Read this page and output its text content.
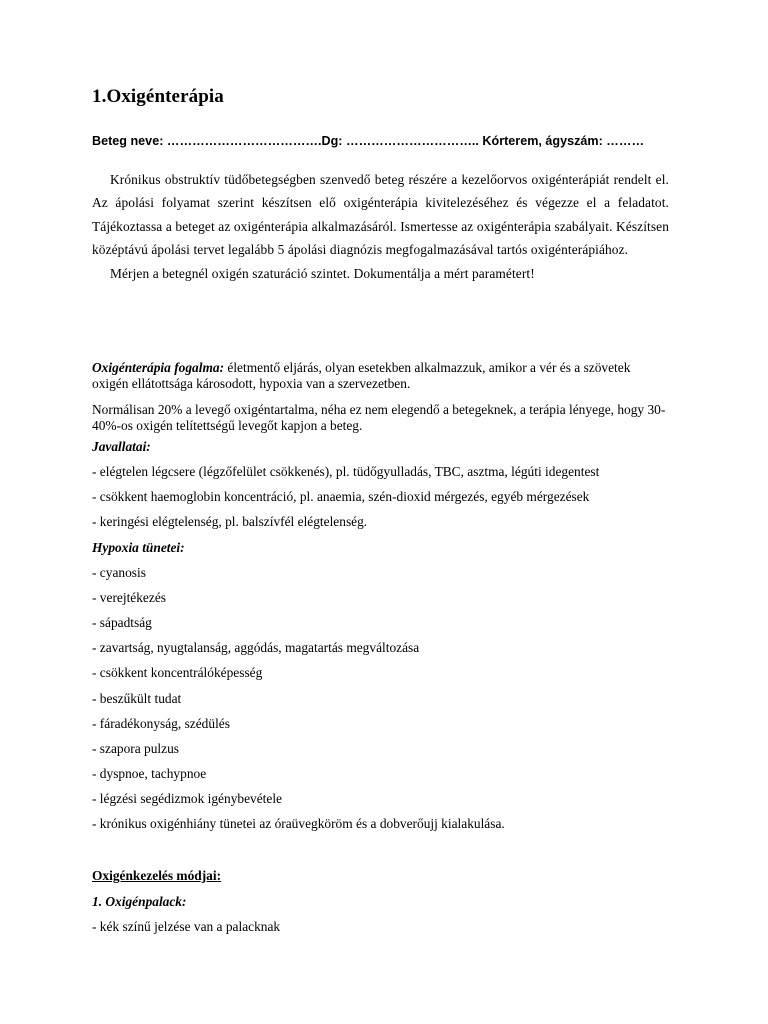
1.Oxigénterápia
Beteg neve: ……………………………….Dg: ………………………….. Kórterem, ágyszám: ………

Krónikus obstruktív tüdőbetegségben szenvedő beteg részére a kezelőorvos oxigénterápiát rendelt el. Az ápolási folyamat szerint készítsen elő oxigénterápia kivitelezéséhez és végezze el a feladatot. Tájékoztassa a beteget az oxigénterápia alkalmazásáról. Ismertesse az oxigénterápia szabályait. Készítsen középtávú ápolási tervet legalább 5 ápolási diagnózis megfogalmazásával tartós oxigénterápiához.

Mérjen a betegnél oxigén szaturáció szintet. Dokumentálja a mért paramétert!

Oxigénterápia fogalma: életmentő eljárás, olyan esetekben alkalmazzuk, amikor a vér és a szövetek oxigén ellátottsága károsodott, hypoxia van a szervezetben.

Normálisan 20% a levegő oxigéntartalma, néha ez nem elegendő a betegeknek, a terápia lényege, hogy 30- 40%-os oxigén telítettségű levegőt kapjon a beteg.

Javallatai:

- elégtelen légcsere (légzőfelület csökkenés), pl. tüdőgyulladás, TBC, asztma, légúti idegentest

- csökkent haemoglobin koncentráció, pl. anaemia, szén-dioxid mérgezés, egyéb mérgezések

- keringési elégtelenség, pl. balszívfél elégtelenség.

Hypoxia tünetei:

- cyanosis

- verejtékezés

- sápadtság

- zavartság, nyugtalanság, aggódás, magatartás megváltozása

- csökkent koncentrálóképesség

- beszűkült tudat

- fáradékonyság, szédülés

- szapora pulzus

- dyspnoe, tachypnoe

- légzési segédizmok igénybevétele

- krónikus oxigénhiány tünetei az óraüvegköröm és a dobverőujj kialakulása.

Oxigénkezelés módjai:

1. Oxigénpalack:

- kék színű jelzése van a palacknak
